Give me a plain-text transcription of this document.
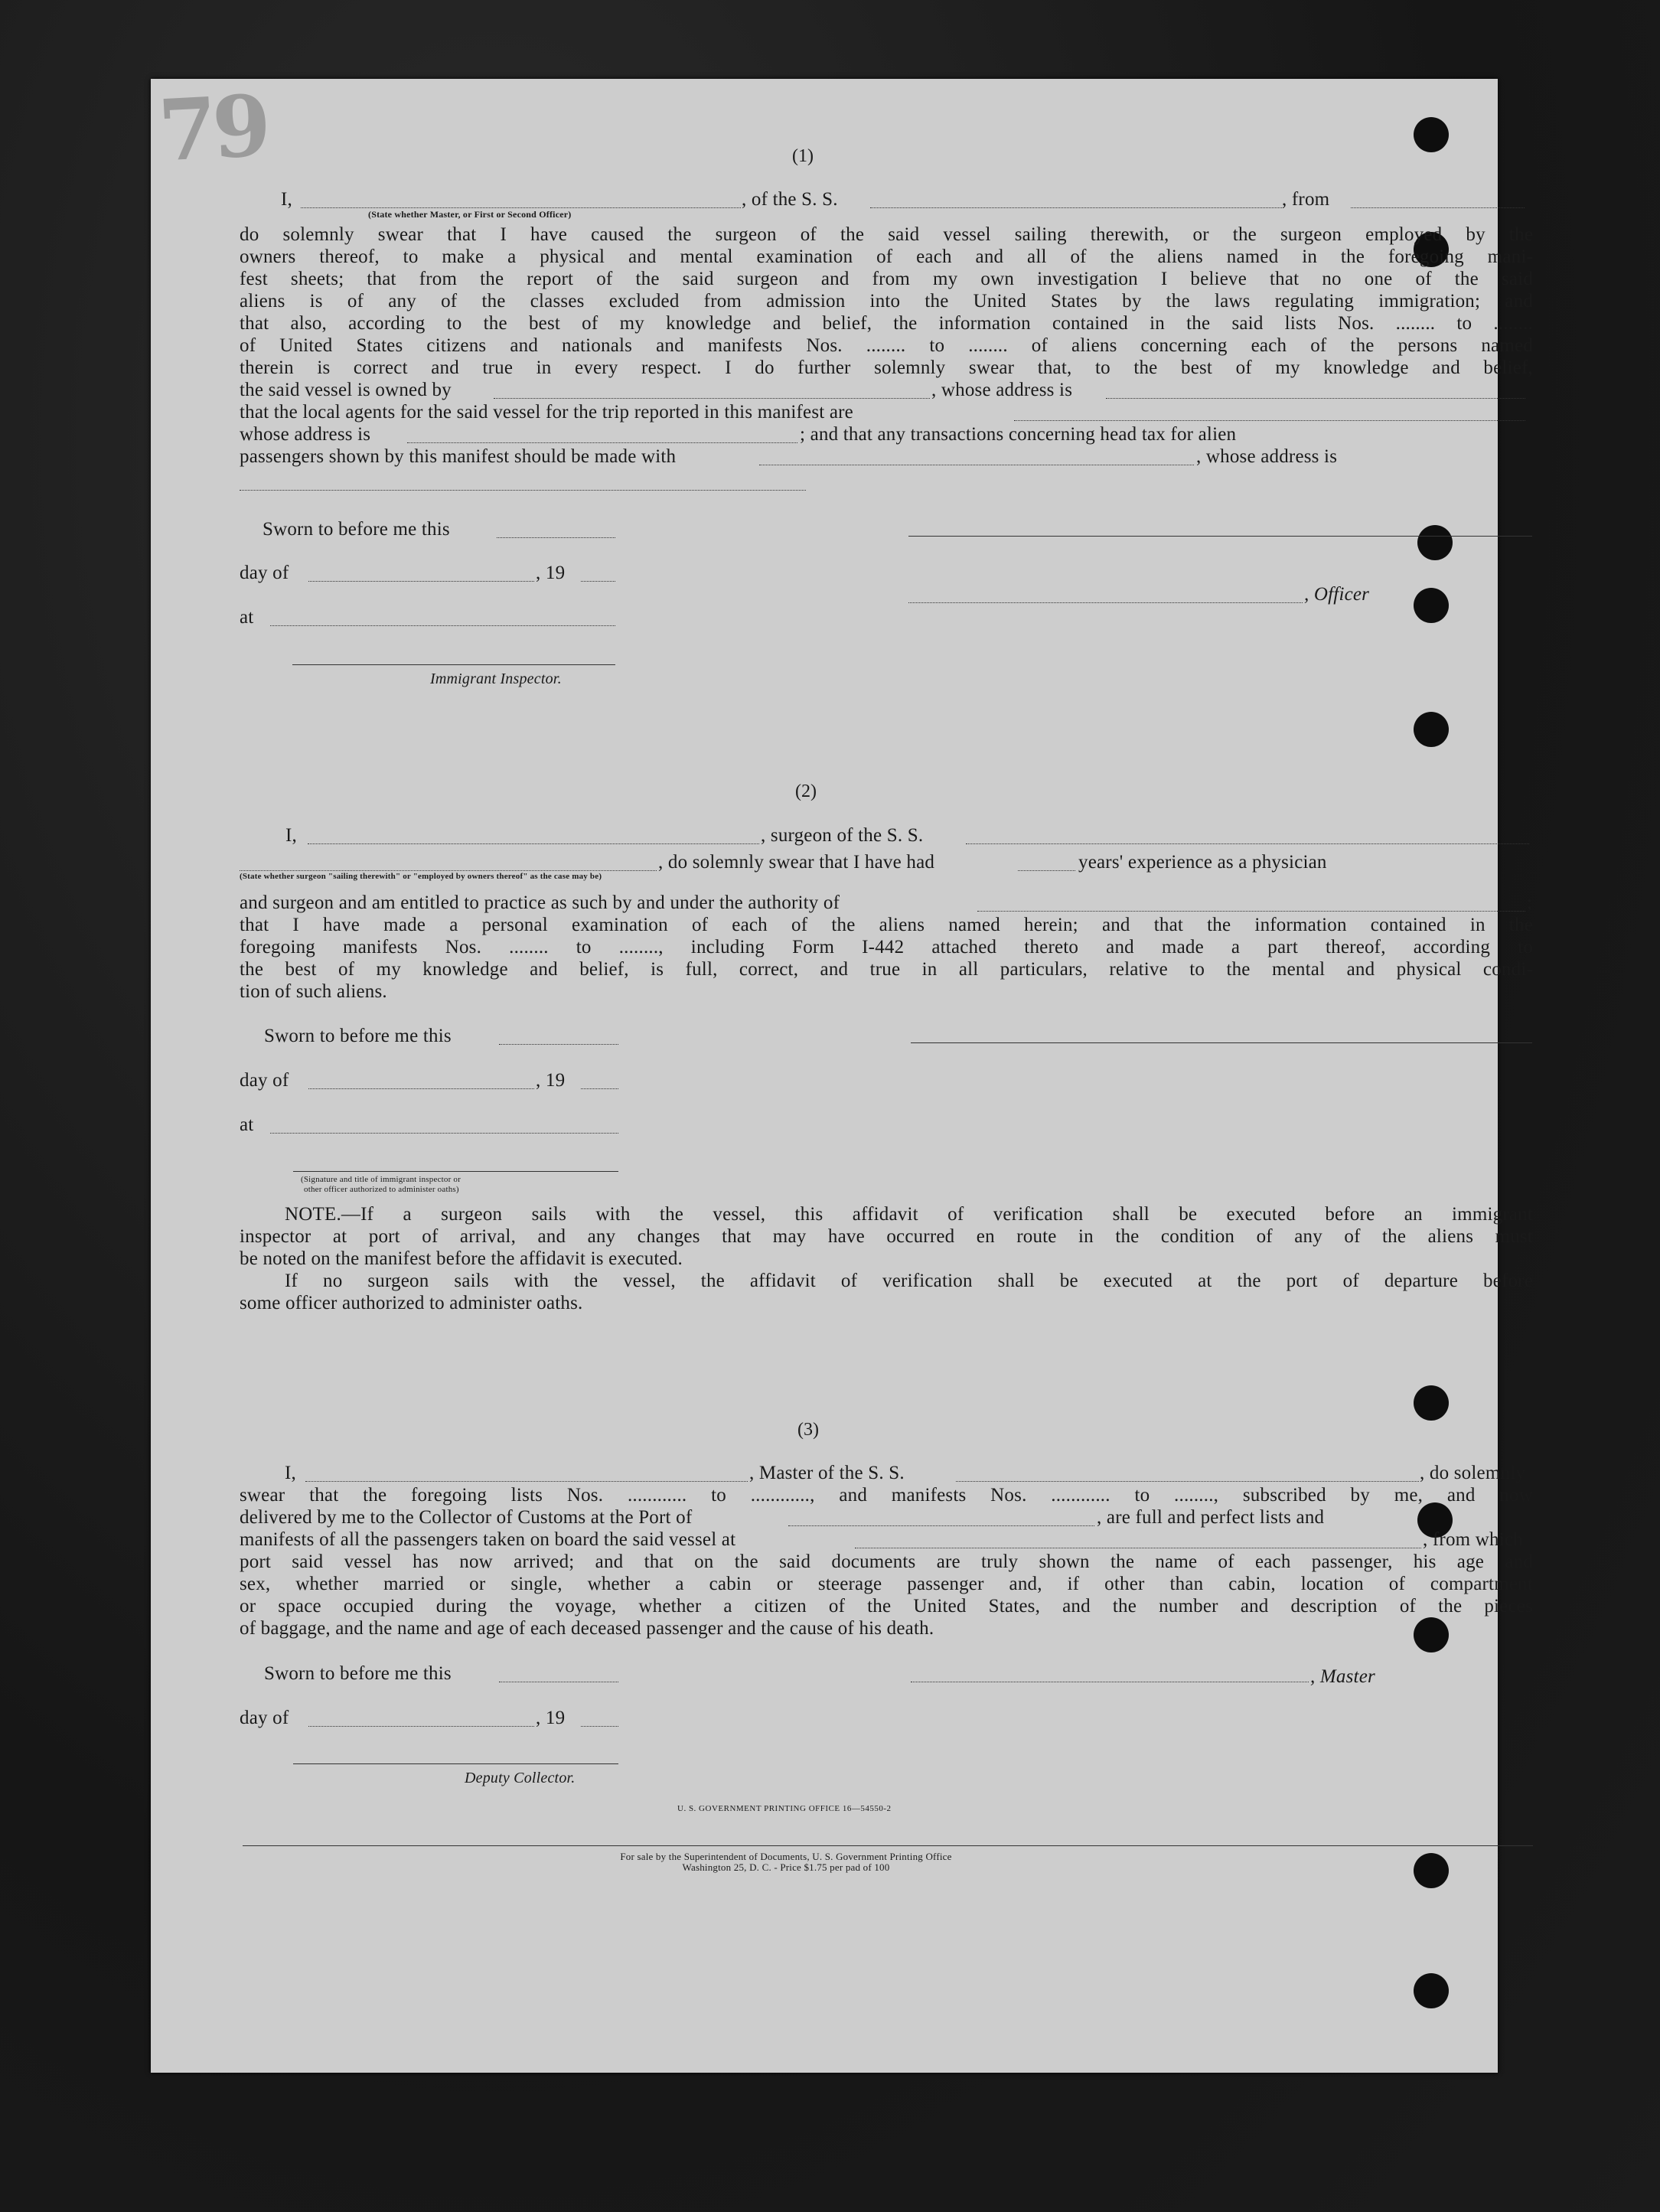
79	(1)
I,	, of the S. S.	, from
(State whether Master, or First or Second Officer)
do solemnly swear that I have caused the surgeon of the said vessel sailing therewith, or the surgeon employed by the
owners thereof, to make a physical and mental examination of each and all of the aliens named in the foregoing mani-
fest sheets; that from the report of the said surgeon and from my own investigation I believe that no one of the said
aliens is of any of the classes excluded from admission into the United States by the laws regulating immigration; and
that also, according to the best of my knowledge and belief, the information contained in the said lists Nos. ........ to ........
of United States citizens and nationals and manifests Nos. ........ to ........ of aliens concerning each of the persons named
therein is correct and true in every respect. I do further solemnly swear that, to the best of my knowledge and belief,
the said vessel is owned by	, whose address is
that the local agents for the said vessel for the trip reported in this manifest are
whose address is	; and that any transactions concerning head tax for alien
passengers shown by this manifest should be made with	, whose address is
Sworn to before me this
day of	, 19
, Officer
at
Immigrant Inspector.
(2)
I,	, surgeon of the S. S.
, do solemnly swear that I have had	years' experience as a physician
(State whether surgeon "sailing therewith" or "employed by owners thereof" as the case may be)
and surgeon and am entitled to practice as such by and under the authority of	;
that I have made a personal examination of each of the aliens named herein; and that the information contained in the
foregoing manifests Nos. ........ to ........, including Form I-442 attached thereto and made a part thereof, according to
the best of my knowledge and belief, is full, correct, and true in all particulars, relative to the mental and physical condi-
tion of such aliens.
Sworn to before me this
day of	, 19
at
(Signature and title of immigrant inspector or
other officer authorized to administer oaths)
NOTE.—If a surgeon sails with the vessel, this affidavit of verification shall be executed before an immigrant
inspector at port of arrival, and any changes that may have occurred en route in the condition of any of the aliens must
be noted on the manifest before the affidavit is executed.
If no surgeon sails with the vessel, the affidavit of verification shall be executed at the port of departure before
some officer authorized to administer oaths.
(3)
I,	, Master of the S. S.	, do solemnly
swear that the foregoing lists Nos. ............ to ............, and manifests Nos. ............ to ........, subscribed by me, and now
delivered by me to the Collector of Customs at the Port of	, are full and perfect lists and
manifests of all the passengers taken on board the said vessel at	, from which
port said vessel has now arrived; and that on the said documents are truly shown the name of each passenger, his age and
sex, whether married or single, whether a cabin or steerage passenger and, if other than cabin, location of compartment
or space occupied during the voyage, whether a citizen of the United States, and the number and description of the pieces
of baggage, and the name and age of each deceased passenger and the cause of his death.
Sworn to before me this	, Master
day of	, 19
Deputy Collector.
U. S. GOVERNMENT PRINTING OFFICE 16—54550-2
For sale by the Superintendent of Documents, U. S. Government Printing Office
Washington 25, D. C. - Price $1.75 per pad of 100
